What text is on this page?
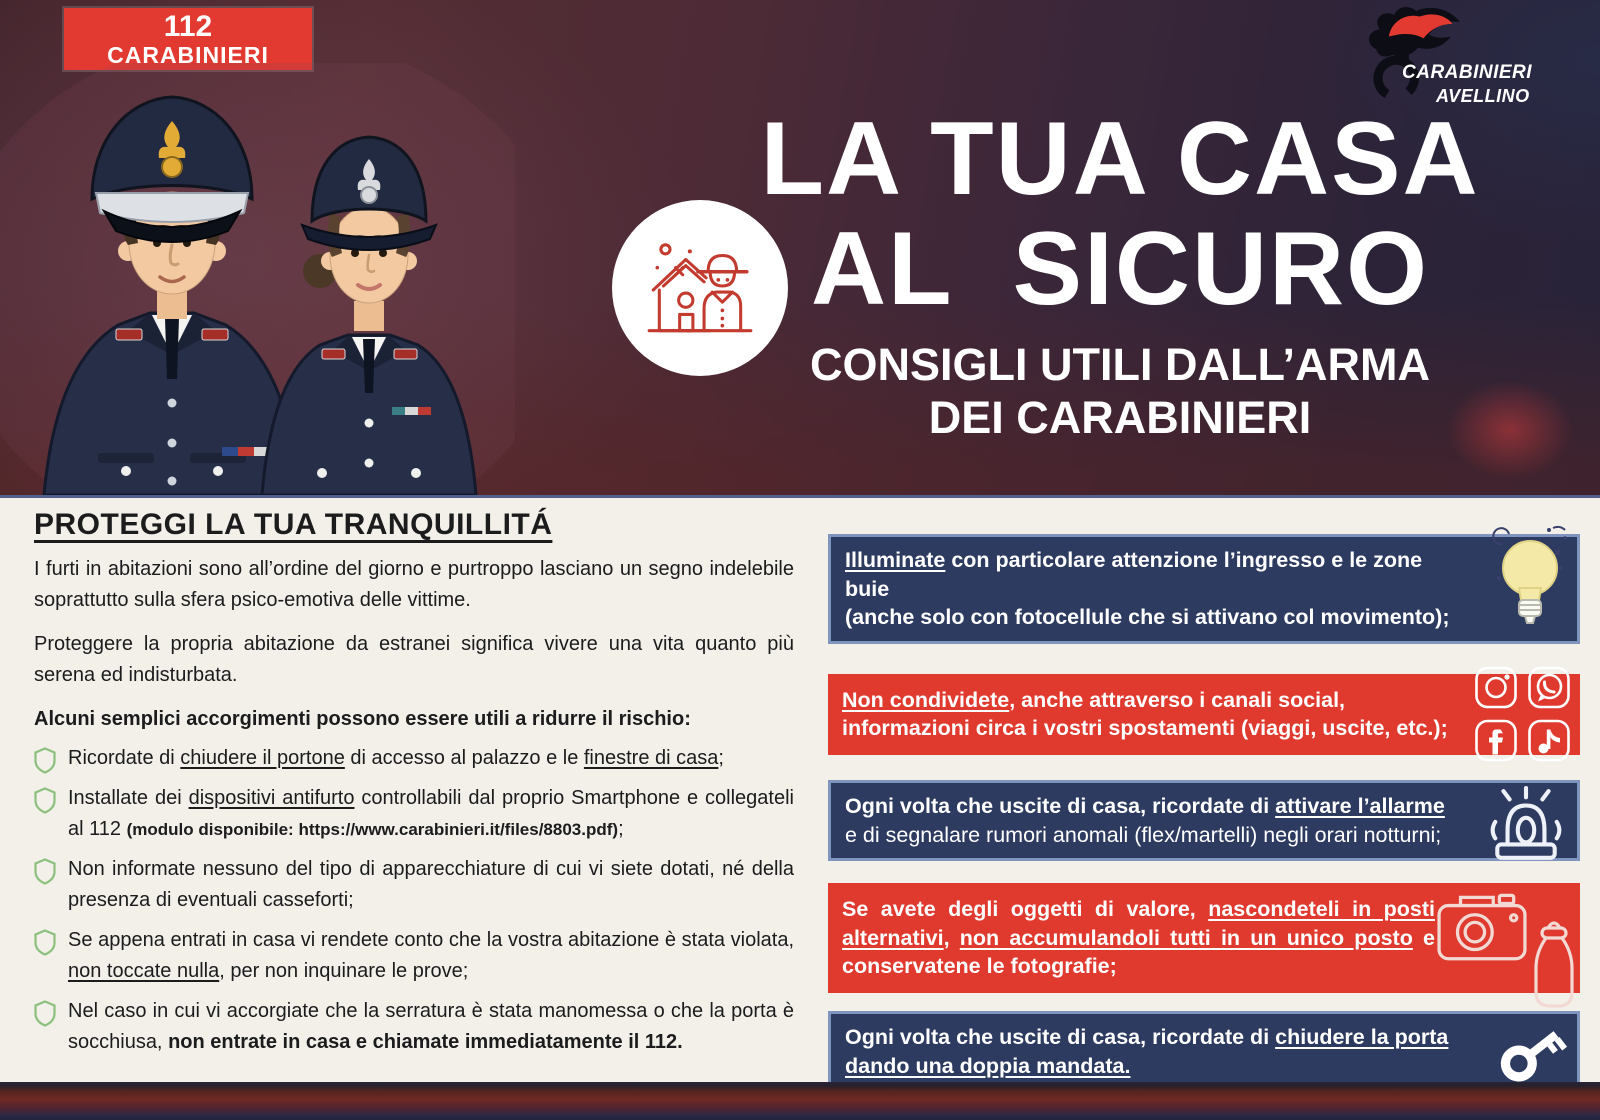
112
CARABINIERI
LA TUA CASA
AL SICURO
CONSIGLI UTILI DALL’ARMA
DEI CARABINIERI
CARABINIERI
AVELLINO
PROTEGGI LA TUA TRANQUILLITÁ

I furti in abitazioni sono all’ordine del giorno e purtroppo lasciano un segno indelebile soprattutto sulla sfera psico-emotiva delle vittime.

Proteggere la propria abitazione da estranei significa vivere una vita quanto più serena ed indisturbata.

Alcuni semplici accorgimenti possono essere utili a ridurre il rischio:

Ricordate di chiudere il portone di accesso al palazzo e le finestre di casa;
Installate dei dispositivi antifurto controllabili dal proprio Smartphone e collegateli al 112 (modulo disponibile: https://www.carabinieri.it/files/8803.pdf);
Non informate nessuno del tipo di apparecchiature di cui vi siete dotati, né della presenza di eventuali casseforti;
Se appena entrati in casa vi rendete conto che la vostra abitazione è stata violata, non toccate nulla, per non inquinare le prove;
Nel caso in cui vi accorgiate che la serratura è stata manomessa o che la porta è socchiusa, non entrate in casa e chiamate immediatamente il 112.
Illuminate con particolare attenzione l’ingresso e le zone buie
(anche solo con fotocellule che si attivano col movimento);
Non condividete, anche attraverso i canali social,
informazioni circa i vostri spostamenti (viaggi, uscite, etc.);
Ogni volta che uscite di casa, ricordate di attivare l’allarme
e di segnalare rumori anomali (flex/martelli) negli orari notturni;
Se avete degli oggetti di valore, nascondeteli in posti alternativi, non accumulandoli tutti in un unico posto e conservatene le fotografie;
Ogni volta che uscite di casa, ricordate di chiudere la porta
dando una doppia mandata.
